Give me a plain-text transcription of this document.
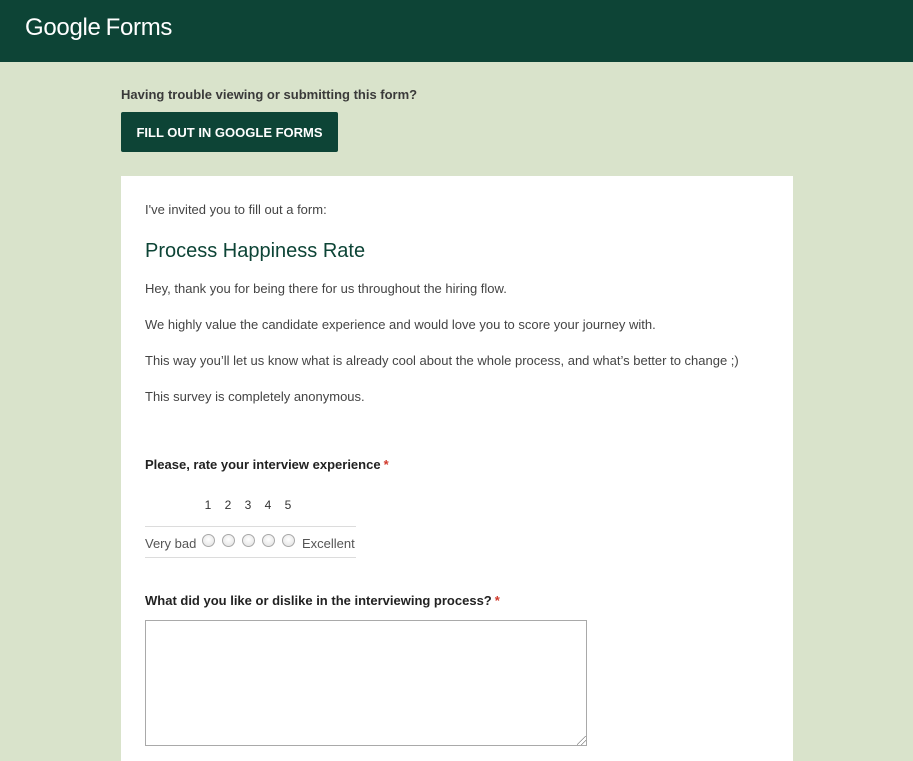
Google Forms
Having trouble viewing or submitting this form?
FILL OUT IN GOOGLE FORMS
I've invited you to fill out a form:
Process Happiness Rate
Hey, thank you for being there for us throughout the hiring flow.
We highly value the candidate experience and would love you to score your journey with.
This way you’ll let us know what is already cool about the whole process, and what’s better to change ;)
This survey is completely anonymous.
Please, rate your interview experience *
1	2	3	4	5
Very bad	Excellent
What did you like or dislike in the interviewing process? *
